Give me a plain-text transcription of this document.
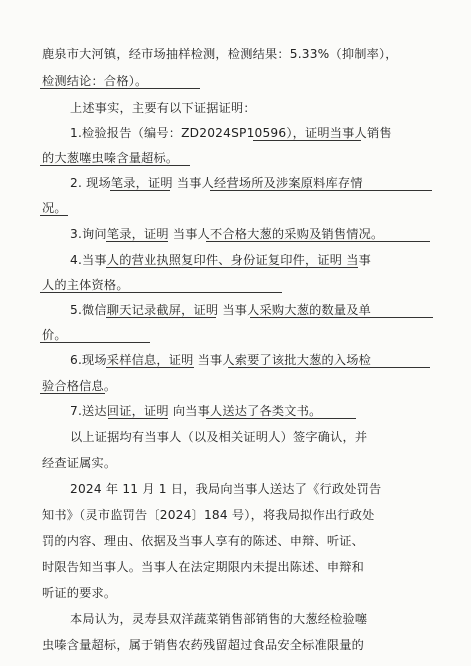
鹿泉市大河镇，经市场抽样检测，检测结果：5.33%（抑制率），
检测结论：合格）。
上述事实，主要有以下证据证明：
1.检验报告（编号：ZD2024SP10596），证明当事人销售
的大葱噻虫嗪含量超标。
2. 现场笔录，证明 当事人经营场所及涉案原料库存情
况。
3.询问笔录，证明 当事人不合格大葱的采购及销售情况。
4.当事人的营业执照复印件、身份证复印件，证明 当事
人的主体资格。
5.微信聊天记录截屏，证明 当事人采购大葱的数量及单
价。
6.现场采样信息，证明 当事人索要了该批大葱的入场检
验合格信息。
7.送达回证，证明 向当事人送达了各类文书。
以上证据均有当事人（以及相关证明人）签字确认，并
经查证属实。
2024 年 11 月 1 日，我局向当事人送达了《行政处罚告
知书》（灵市监罚告〔2024〕184 号），将我局拟作出行政处
罚的内容、理由、依据及当事人享有的陈述、申辩、听证、
时限告知当事人。当事人在法定期限内未提出陈述、申辩和
听证的要求。
本局认为，灵寿县双洋蔬菜销售部销售的大葱经检验噻
虫嗪含量超标，属于销售农药残留超过食品安全标准限量的
